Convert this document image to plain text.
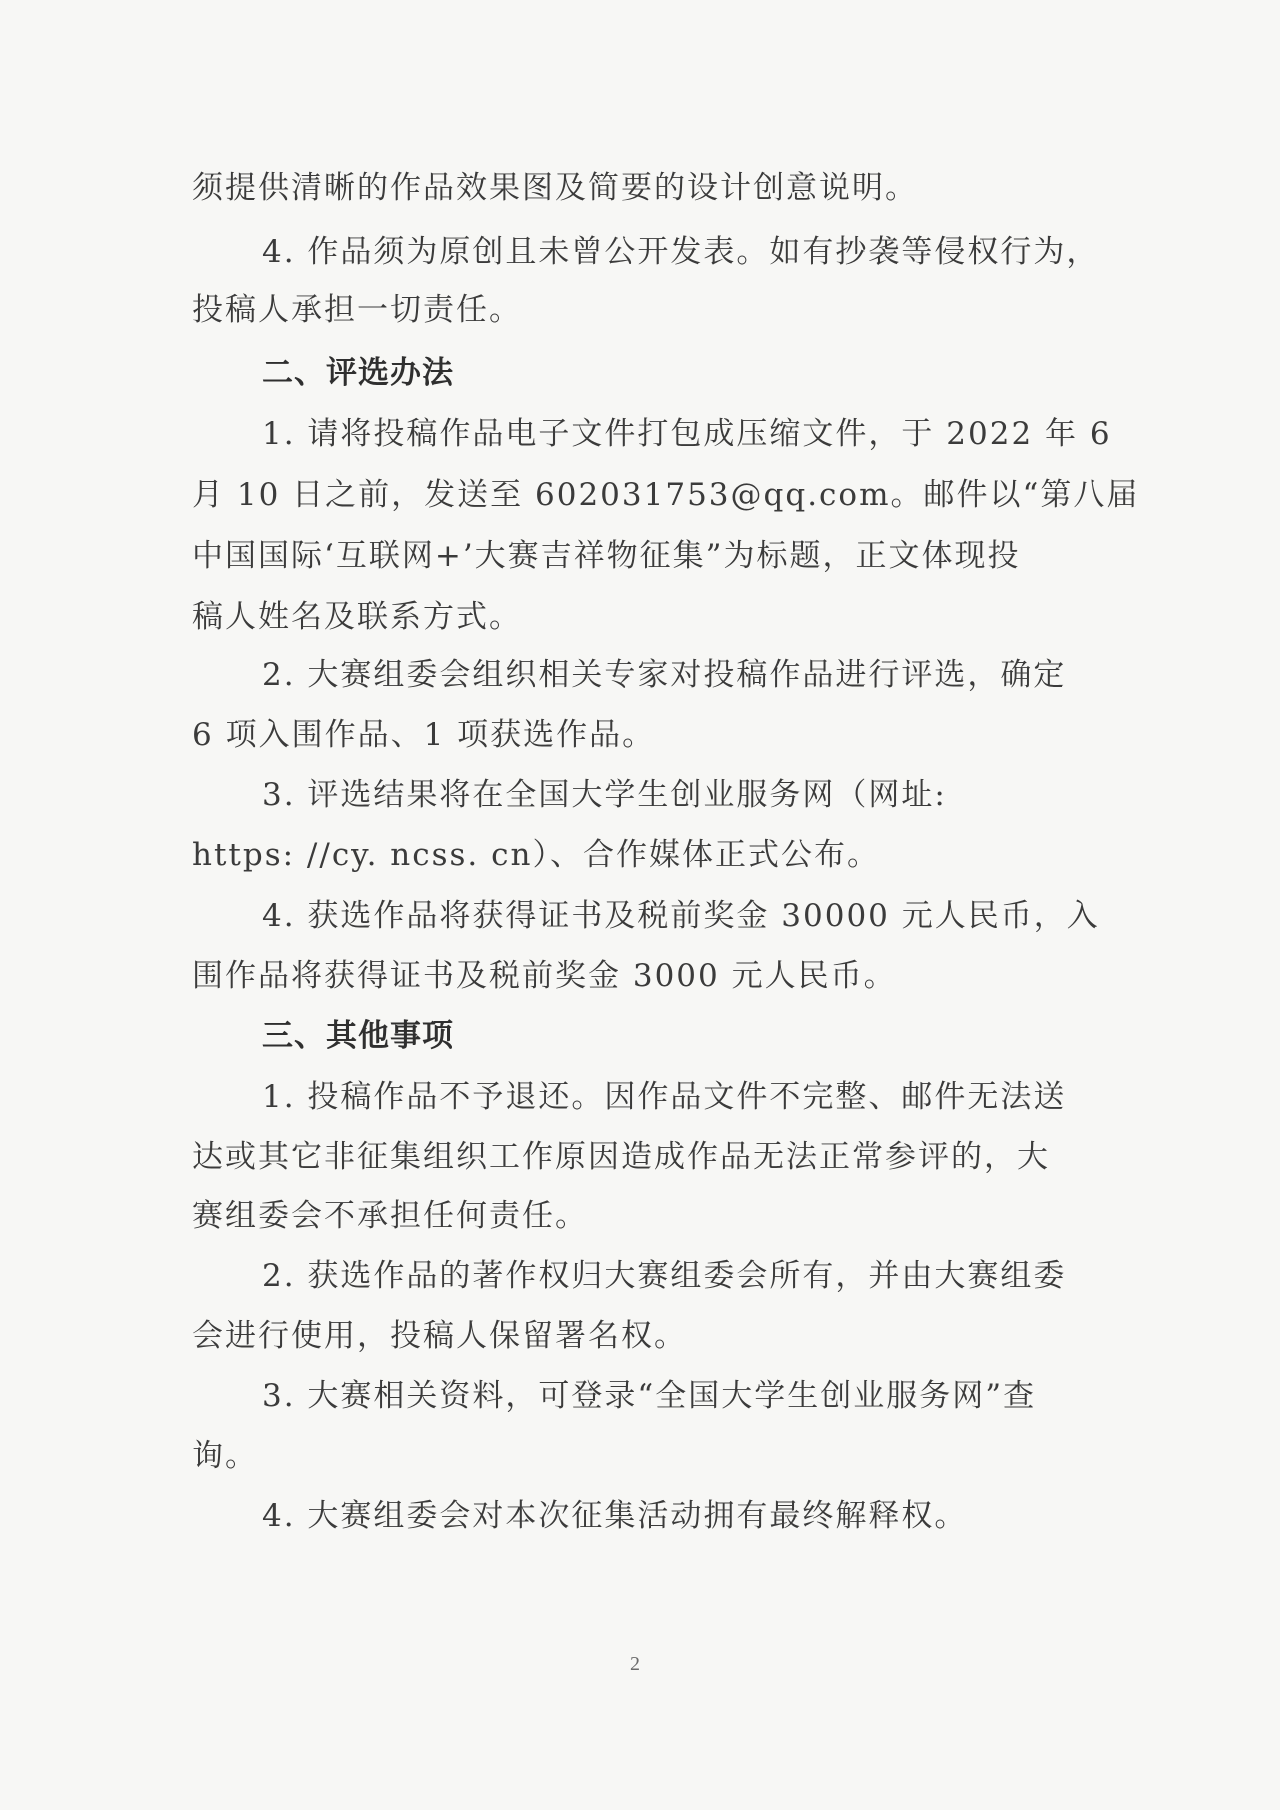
须提供清晰的作品效果图及简要的设计创意说明。
4. 作品须为原创且未曾公开发表。如有抄袭等侵权行为，
投稿人承担一切责任。
二、评选办法
1. 请将投稿作品电子文件打包成压缩文件，于 2022 年 6
月 10 日之前，发送至 602031753@qq.com。邮件以“第八届
中国国际‘互联网+’大赛吉祥物征集”为标题，正文体现投
稿人姓名及联系方式。
2. 大赛组委会组织相关专家对投稿作品进行评选，确定
6 项入围作品、1 项获选作品。
3. 评选结果将在全国大学生创业服务网（网址:
https: //cy. ncss. cn）、合作媒体正式公布。
4. 获选作品将获得证书及税前奖金 30000 元人民币，入
围作品将获得证书及税前奖金 3000 元人民币。
三、其他事项
1. 投稿作品不予退还。因作品文件不完整、邮件无法送
达或其它非征集组织工作原因造成作品无法正常参评的，大
赛组委会不承担任何责任。
2. 获选作品的著作权归大赛组委会所有，并由大赛组委
会进行使用，投稿人保留署名权。
3. 大赛相关资料，可登录“全国大学生创业服务网”查
询。
4. 大赛组委会对本次征集活动拥有最终解释权。
2
